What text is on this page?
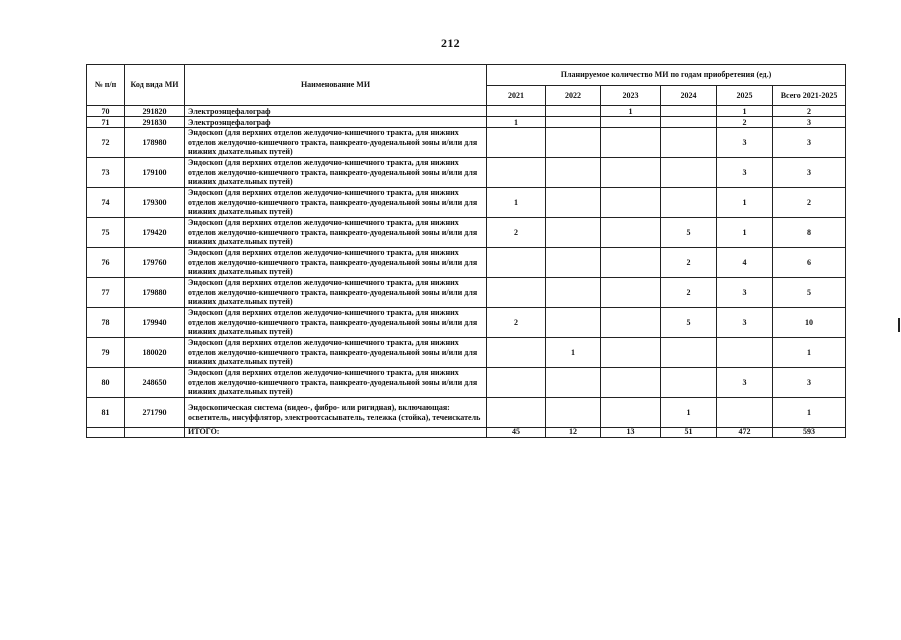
212
№ п/п	Код вида МИ	Наименование МИ	Планируемое количество МИ по годам приобретения (ед.)					
			2021	2022	2023	2024	2025	Всего 2021-2025
70	291820	Электроэнцефалограф			1		1	2
71	291830	Электроэнцефалограф	1				2	3
72	178980	Эндоскоп (для верхних отделов желудочно-кишечного тракта, для нижних отделов желудочно-кишечного тракта, панкреато-дуоденальной зоны и/или для нижних дыхательных путей)					3	3
73	179100	Эндоскоп (для верхних отделов желудочно-кишечного тракта, для нижних отделов желудочно-кишечного тракта, панкреато-дуоденальной зоны и/или для нижних дыхательных путей)					3	3
74	179300	Эндоскоп (для верхних отделов желудочно-кишечного тракта, для нижних отделов желудочно-кишечного тракта, панкреато-дуоденальной зоны и/или для нижних дыхательных путей)	1				1	2
75	179420	Эндоскоп (для верхних отделов желудочно-кишечного тракта, для нижних отделов желудочно-кишечного тракта, панкреато-дуоденальной зоны и/или для нижних дыхательных путей)	2			5	1	8
76	179760	Эндоскоп (для верхних отделов желудочно-кишечного тракта, для нижних отделов желудочно-кишечного тракта, панкреато-дуоденальной зоны и/или для нижних дыхательных путей)				2	4	6
77	179880	Эндоскоп (для верхних отделов желудочно-кишечного тракта, для нижних отделов желудочно-кишечного тракта, панкреато-дуоденальной зоны и/или для нижних дыхательных путей)				2	3	5
78	179940	Эндоскоп (для верхних отделов желудочно-кишечного тракта, для нижних отделов желудочно-кишечного тракта, панкреато-дуоденальной зоны и/или для нижних дыхательных путей)	2			5	3	10
79	180020	Эндоскоп (для верхних отделов желудочно-кишечного тракта, для нижних отделов желудочно-кишечного тракта, панкреато-дуоденальной зоны и/или для нижних дыхательных путей)		1				1
80	248650	Эндоскоп (для верхних отделов желудочно-кишечного тракта, для нижних отделов желудочно-кишечного тракта, панкреато-дуоденальной зоны и/или для нижних дыхательных путей)					3	3
81	271790	Эндоскопическая система (видео-, фибро- или ригидная), включающая: осветитель, инсуффлятор, электроотсасыватель, тележка (стойка), течеискатель				1		1
		ИТОГО:	45	12	13	51	472	593
